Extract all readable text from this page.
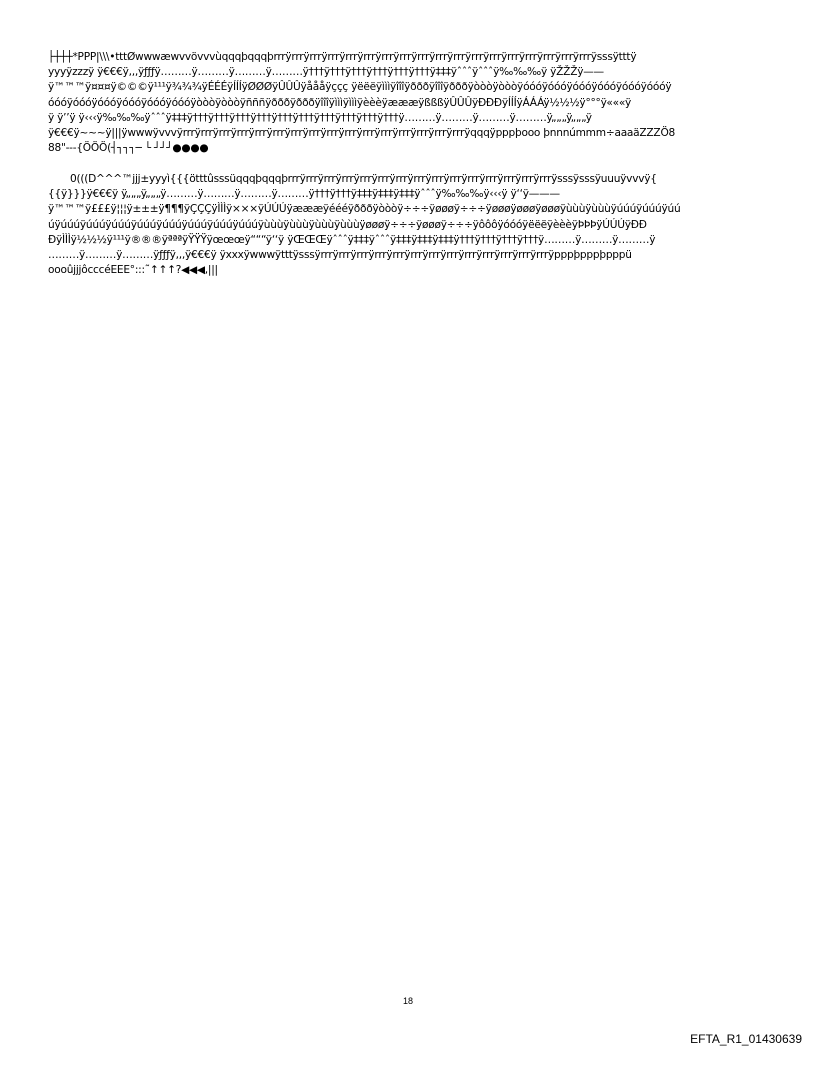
├┼┼┼*PPP|\\\•tttØwwwæwvvövvvùqqqþqqqþrrrÿrrrÿrrrÿrrrÿrrrÿrrrÿrrrÿrrrÿrrrÿrrrÿrrrÿrrrÿrrrÿrrrÿrrrÿrrrÿrrrÿrrrÿsssÿtttÿ
yyyÿzzzÿ ÿ€€€ÿ,,,ÿƒƒƒÿ………ÿ………ÿ………ÿ………ÿ†††ÿ†††ÿ†††ÿ†††ÿ†††ÿ†††ÿ‡‡‡ÿˆˆˆÿˆˆˆÿ‰‰‰ÿ ÿŽŽŽÿ——
ÿ™™™ÿ¤¤¤ÿ©©©ÿ¹¹¹ÿ¾¾¾ÿÉÉÉÿÍÍÍÿØØØÿÛÛÛÿåååÿççç ÿëëëÿìììÿîîîÿðððÿîîîÿðððÿòòòÿòòòÿóóóÿóóóÿóóóÿóóóÿóóóÿóóóÿ
óóóÿóóóÿóóóÿóóóÿóóóÿóóóÿòòòÿòòòÿñññÿðððÿðððÿîîîÿìììÿìììÿèèèÿæææÿßßßÿÛÛÛÿÐÐÐÿÍÍÍÿÁÁÁÿ½½½ÿ°°°ÿ«««ÿ
ÿ ÿ’’ÿ ÿ‹‹‹ÿ‰‰‰ÿˆˆˆÿ‡‡‡ÿ†††ÿ†††ÿ†††ÿ†††ÿ†††ÿ†††ÿ†††ÿ†††ÿ†††ÿ†††ÿ………ÿ………ÿ………ÿ………ÿ„„„ÿ„„„ÿ
ÿ€€€ÿ~~~ÿ|||ÿwwwÿvvvÿrrrÿrrrÿrrrÿrrrÿrrrÿrrrÿrrrÿrrrÿrrrÿrrrÿrrrÿrrrÿrrrÿrrrÿrrrÿrrrÿqqqÿpppþooo þnnnúmmm÷aaaäZZZÖ8
88"---{ÖÖÖ(┤┐┐┐─ └ ┘┘┘●●●●
0(((D^^^™jjj±yyyì{{{ötttûsssüqqqþqqqþrrrÿrrrÿrrrÿrrrÿrrrÿrrrÿrrrÿrrrÿrrrÿrrrÿrrrÿrrrÿrrrÿrrrÿrrrÿsssÿsssÿuuuÿvvvÿ{
{{ÿ}}}ÿ€€€ÿ ÿ„„„ÿ„„„ÿ………ÿ………ÿ………ÿ………ÿ†††ÿ†††ÿ‡‡‡ÿ‡‡‡ÿ‡‡‡ÿˆˆˆÿ‰‰‰ÿ‹‹‹ÿ ÿ‘‘ÿ———
ÿ™™™ÿ£££ÿ¦¦¦ÿ±±±ÿ¶¶¶ÿÇÇÇÿÌÌÌÿ×××ÿÚÚÚÿæææÿéééÿðððÿòòòÿ÷÷÷ÿøøøÿ÷÷÷ÿøøøÿøøøÿøøøÿùùùÿùùùÿúúúÿúúúÿúú
úÿúúúÿúúúÿúúúÿúúúÿúúúÿúúúÿúúúÿúúúÿùùùÿùùùÿùùùÿùùùÿøøøÿ÷÷÷ÿøøøÿ÷÷÷ÿôôôÿóóóÿëëëÿèèèÿÞÞÞÿÚÚÚÿÐÐ
ÐÿÌÌÌÿ½½½ÿ¹¹¹ÿ®®®ÿªªªÿŸŸŸÿœœœÿ“““ÿ‘‘ÿ ÿŒŒŒÿˆˆˆÿ‡‡‡ÿˆˆˆÿ‡‡‡ÿ‡‡‡ÿ‡‡‡ÿ†††ÿ†††ÿ†††ÿ†††ÿ………ÿ………ÿ………ÿ
………ÿ………ÿ………ÿƒƒƒÿ,,,ÿ€€€ÿ ÿxxxÿwwwÿtttÿsssÿrrrÿrrrÿrrrÿrrrÿrrrÿrrrÿrrrÿrrrÿrrrÿrrrÿrrrÿrrrÿrrrÿpppþpppþpppü
oooûjjjôcccéEEE°:::˜↑↑↑?◀◀◀,|||

18

EFTA_R1_01430639
